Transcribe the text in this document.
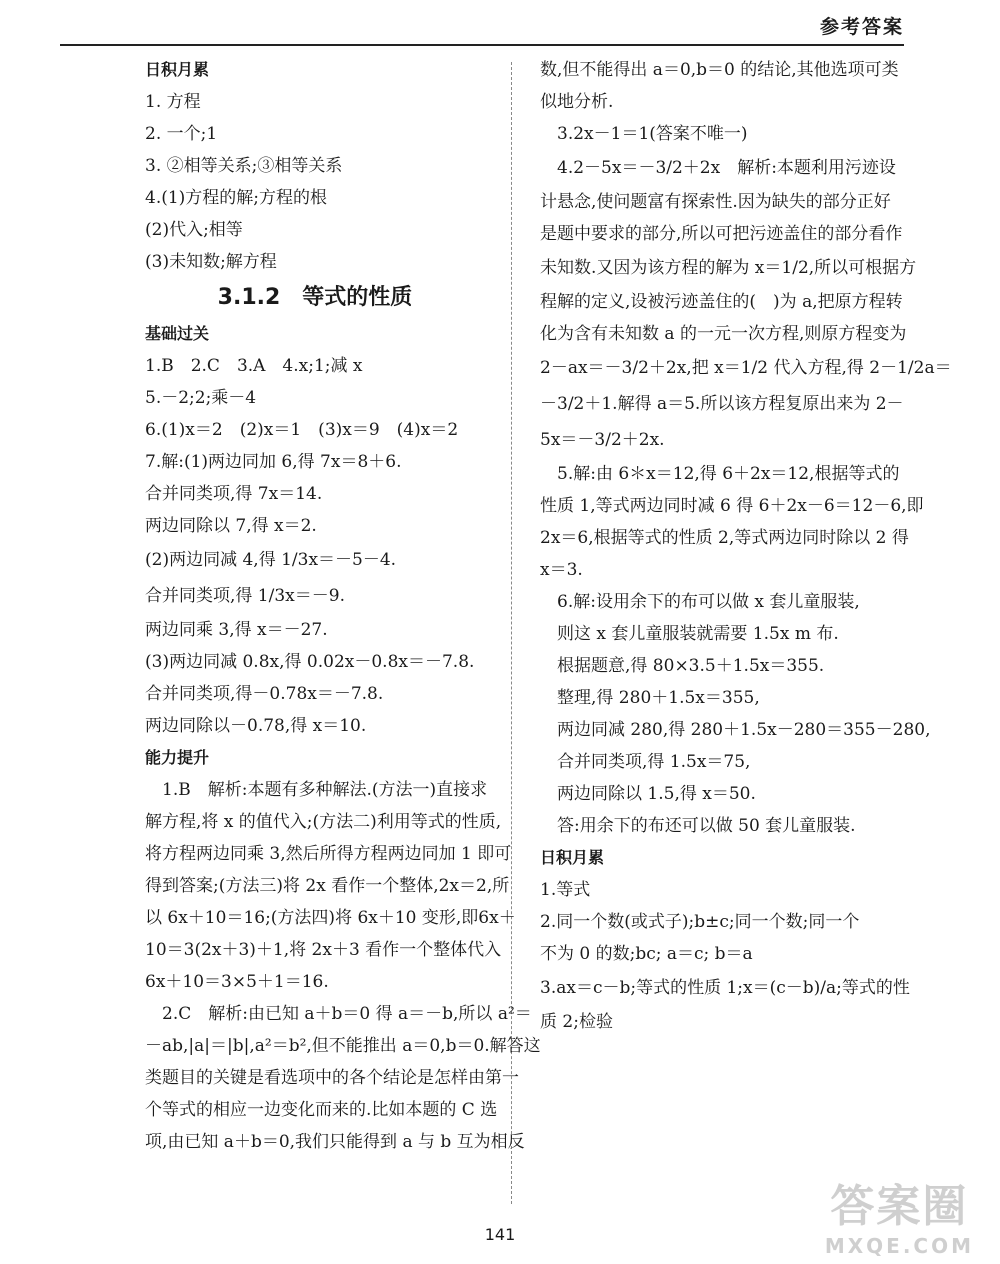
参考答案
日积月累
1. 方程
2. 一个;1
3. ②相等关系;③相等关系
4.(1)方程的解;方程的根
(2)代入;相等
(3)未知数;解方程
3.1.2　等式的性质
基础过关
1.B　2.C　3.A　4.x;1;减 x
5.－2;2;乘－4
6.(1)x＝2　(2)x＝1　(3)x＝9　(4)x＝2
7.解:(1)两边同加 6,得 7x＝8＋6.
合并同类项,得 7x＝14.
两边同除以 7,得 x＝2.
(2)两边同减 4,得 1/3x＝－5－4.
合并同类项,得 1/3x＝－9.
两边同乘 3,得 x＝－27.
(3)两边同减 0.8x,得 0.02x－0.8x＝－7.8.
合并同类项,得－0.78x＝－7.8.
两边同除以－0.78,得 x＝10.
能力提升
　1.B　解析:本题有多种解法.(方法一)直接求
解方程,将 x 的值代入;(方法二)利用等式的性质,
将方程两边同乘 3,然后所得方程两边同加 1 即可
得到答案;(方法三)将 2x 看作一个整体,2x＝2,所
以 6x＋10＝16;(方法四)将 6x＋10 变形,即6x＋
10＝3(2x＋3)＋1,将 2x＋3 看作一个整体代入
6x＋10＝3×5＋1＝16.
　2.C　解析:由已知 a＋b＝0 得 a＝－b,所以 a²＝
－ab,|a|＝|b|,a²＝b²,但不能推出 a＝0,b＝0.解答这
类题目的关键是看选项中的各个结论是怎样由第一
个等式的相应一边变化而来的.比如本题的 C 选
项,由已知 a＋b＝0,我们只能得到 a 与 b 互为相反
数,但不能得出 a＝0,b＝0 的结论,其他选项可类
似地分析.
　3.2x－1＝1(答案不唯一)
　4.2－5x＝－3/2＋2x　解析:本题利用污迹设
计悬念,使问题富有探索性.因为缺失的部分正好
是题中要求的部分,所以可把污迹盖住的部分看作
未知数.又因为该方程的解为 x＝1/2,所以可根据方
程解的定义,设被污迹盖住的(　)为 a,把原方程转
化为含有未知数 a 的一元一次方程,则原方程变为
2－ax＝－3/2＋2x,把 x＝1/2 代入方程,得 2－1/2a＝
－3/2＋1.解得 a＝5.所以该方程复原出来为 2－
5x＝－3/2＋2x.
　5.解:由 6＊x＝12,得 6＋2x＝12,根据等式的
性质 1,等式两边同时减 6 得 6＋2x－6＝12－6,即
2x＝6,根据等式的性质 2,等式两边同时除以 2 得
x＝3.
　6.解:设用余下的布可以做 x 套儿童服装,
　则这 x 套儿童服装就需要 1.5x m 布.
　根据题意,得 80×3.5＋1.5x＝355.
　整理,得 280＋1.5x＝355,
　两边同减 280,得 280＋1.5x－280＝355－280,
　合并同类项,得 1.5x＝75,
　两边同除以 1.5,得 x＝50.
　答:用余下的布还可以做 50 套儿童服装.
日积月累
1.等式
2.同一个数(或式子);b±c;同一个数;同一个
不为 0 的数;bc; a＝c; b＝a
3.ax＝c－b;等式的性质 1;x＝(c－b)/a;等式的性
质 2;检验
141
答案圈
MXQE.COM
